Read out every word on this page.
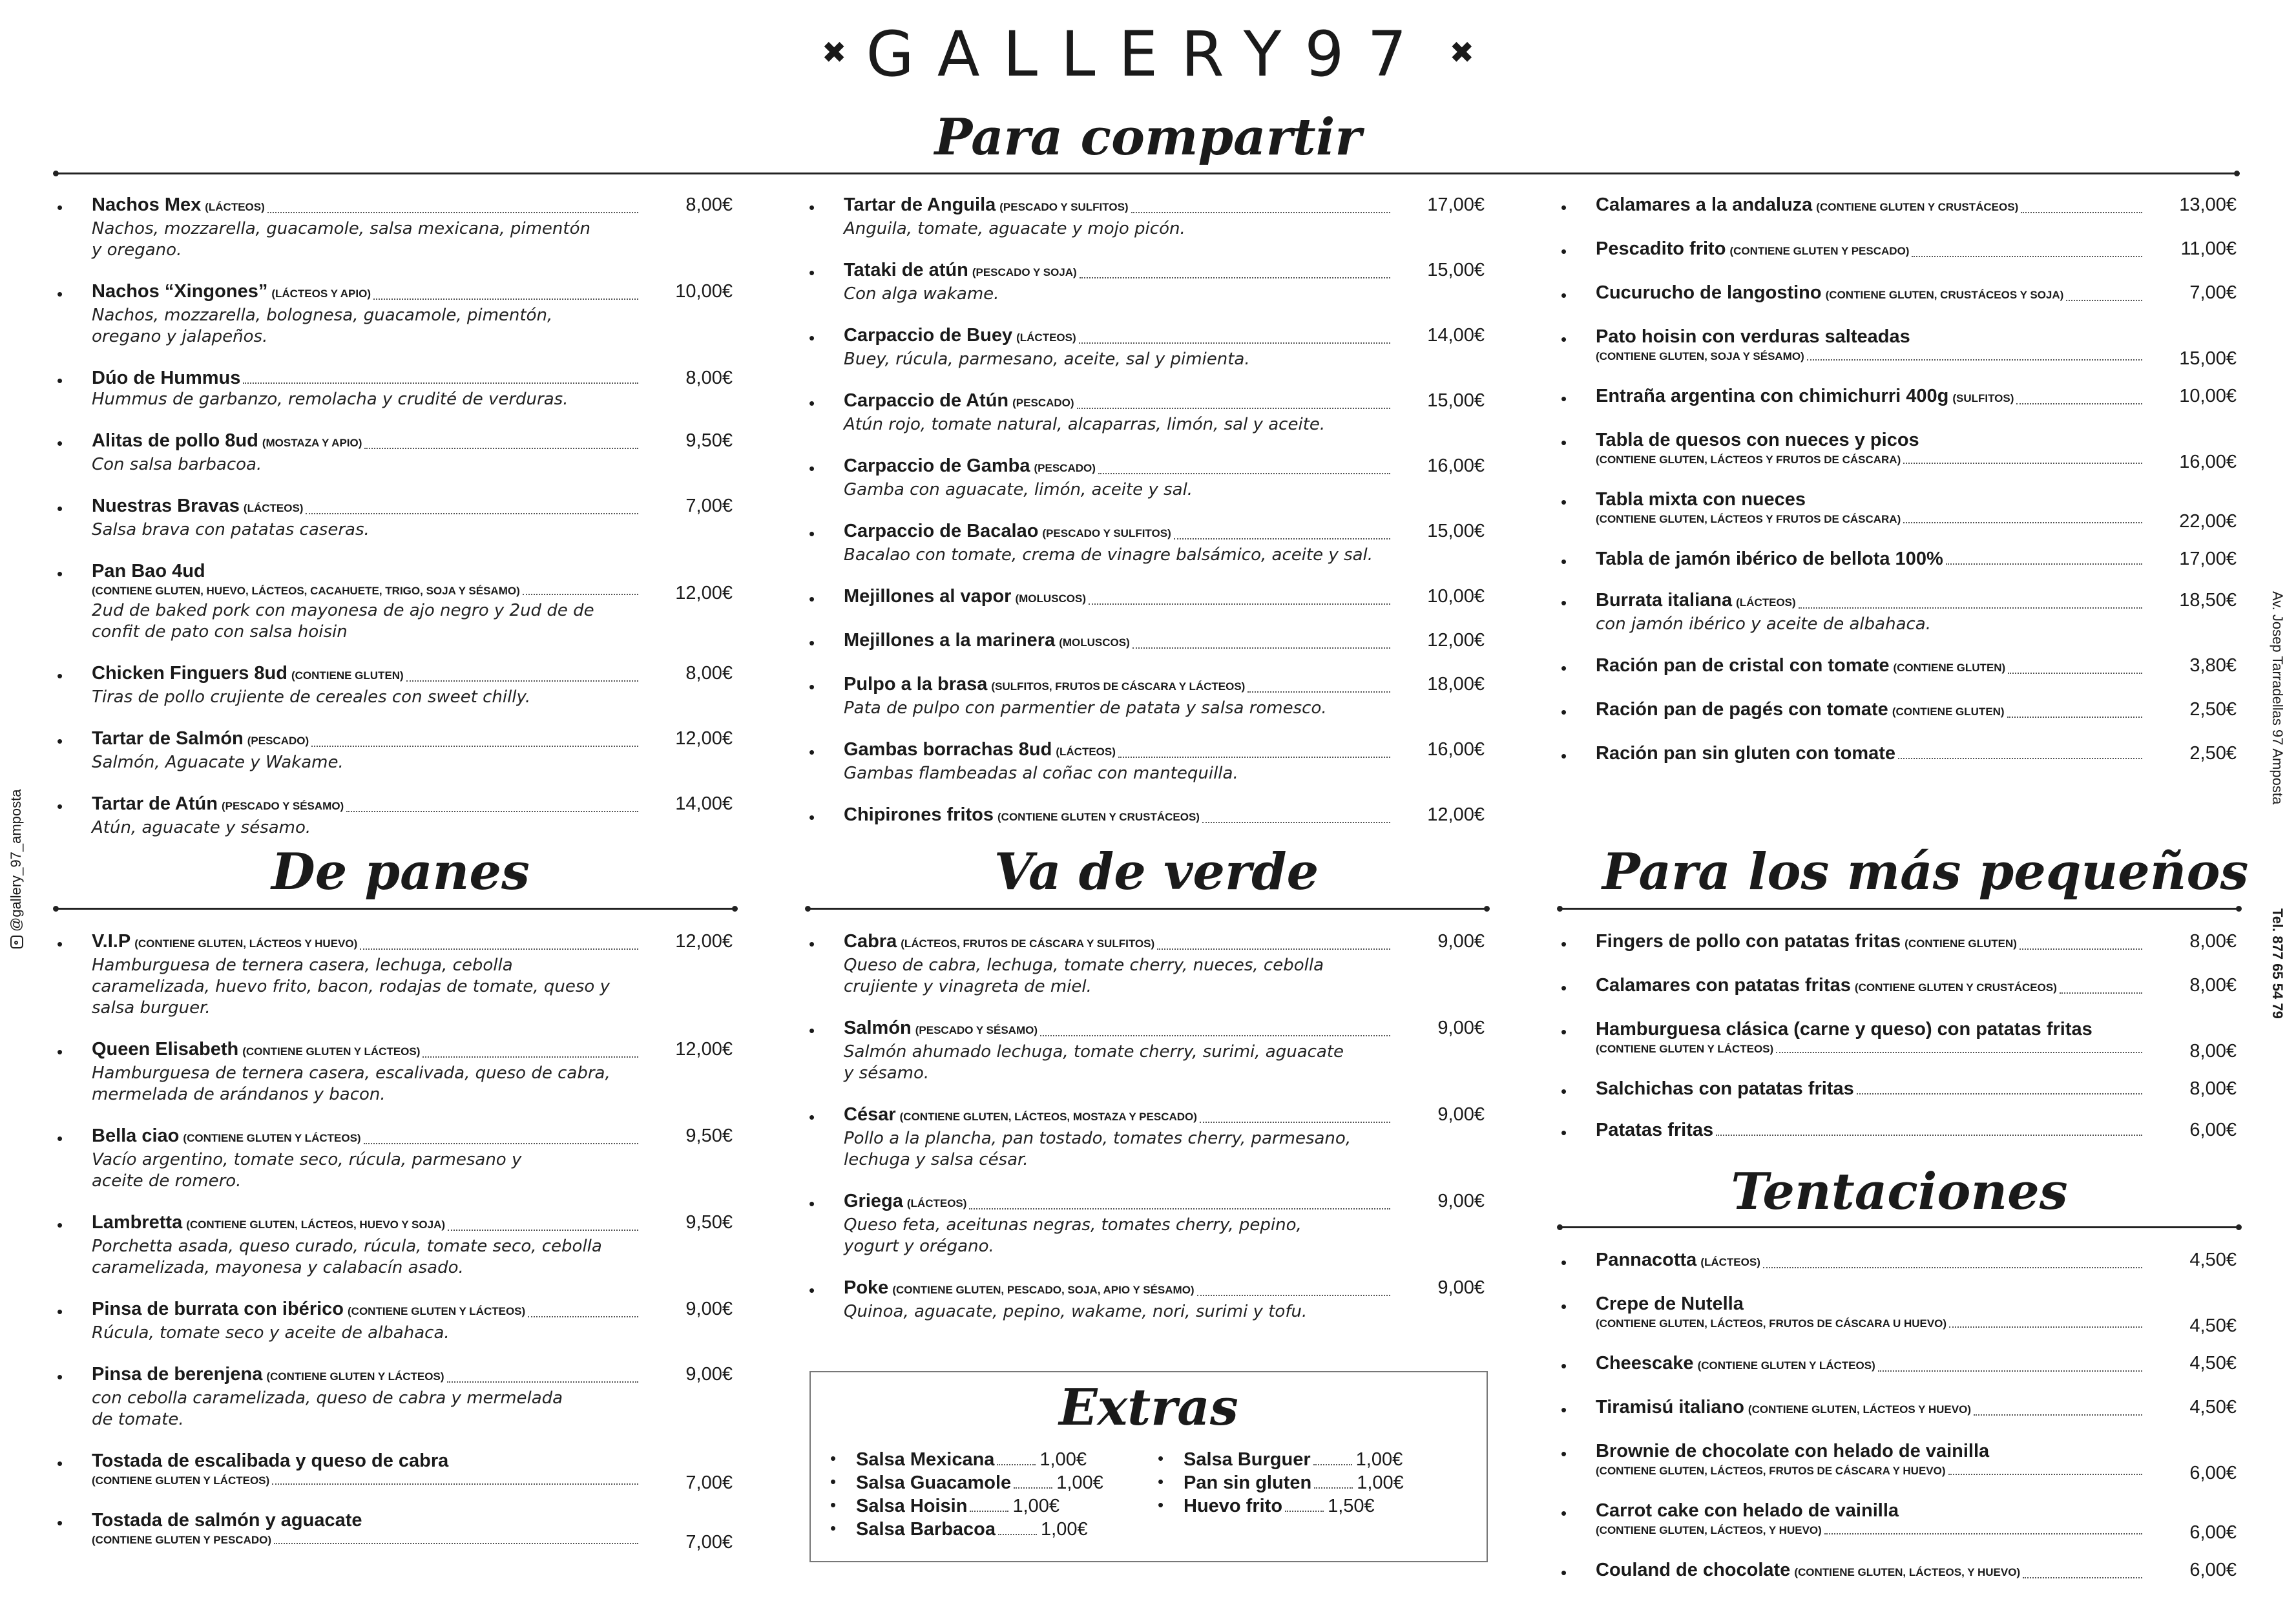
✖ GALLERY97 ✖
Para compartir
De panes	Va de verde	Para los más pequeños
Tentaciones
• Nachos Mex (LÁCTEOS)	8,00€
Nachos, mozzarella, guacamole, salsa mexicana, pimentón
y oregano.
• Nachos “Xingones” (LÁCTEOS Y APIO)	10,00€
Nachos, mozzarella, bolognesa, guacamole, pimentón,
oregano y jalapeños.
• Dúo de Hummus	8,00€
Hummus de garbanzo, remolacha y crudité de verduras.
• Alitas de pollo 8ud (MOSTAZA Y APIO)	9,50€
Con salsa barbacoa.
• Nuestras Bravas (LÁCTEOS)	7,00€
Salsa brava con patatas caseras.
• Pan Bao 4ud
(CONTIENE GLUTEN, HUEVO, LÁCTEOS, CACAHUETE, TRIGO, SOJA Y SÉSAMO)	12,00€
2ud de baked pork con mayonesa de ajo negro y 2ud de de
confit de pato con salsa hoisin
• Chicken Finguers 8ud (CONTIENE GLUTEN)	8,00€
Tiras de pollo crujiente de cereales con sweet chilly.
• Tartar de Salmón (PESCADO)	12,00€
Salmón, Aguacate y Wakame.
• Tartar de Atún (PESCADO Y SÉSAMO)	14,00€
Atún, aguacate y sésamo.
• Tartar de Anguila (PESCADO Y SULFITOS)	17,00€
Anguila, tomate, aguacate y mojo picón.
• Tataki de atún (PESCADO Y SOJA)	15,00€
Con alga wakame.
• Carpaccio de Buey (LÁCTEOS)	14,00€
Buey, rúcula, parmesano, aceite, sal y pimienta.
• Carpaccio de Atún (PESCADO)	15,00€
Atún rojo, tomate natural, alcaparras, limón, sal y aceite.
• Carpaccio de Gamba (PESCADO)	16,00€
Gamba con aguacate, limón, aceite y sal.
• Carpaccio de Bacalao (PESCADO Y SULFITOS)	15,00€
Bacalao con tomate, crema de vinagre balsámico, aceite y sal.
• Mejillones al vapor (MOLUSCOS)	10,00€
• Mejillones a la marinera (MOLUSCOS)	12,00€
• Pulpo a la brasa (SULFITOS, FRUTOS DE CÁSCARA Y LÁCTEOS)	18,00€
Pata de pulpo con parmentier de patata y salsa romesco.
• Gambas borrachas 8ud (LÁCTEOS)	16,00€
Gambas flambeadas al coñac con mantequilla.
• Chipirones fritos (CONTIENE GLUTEN Y CRUSTÁCEOS)	12,00€
• Calamares a la andaluza (CONTIENE GLUTEN Y CRUSTÁCEOS)	13,00€
• Pescadito frito (CONTIENE GLUTEN Y PESCADO)	11,00€
• Cucurucho de langostino (CONTIENE GLUTEN, CRUSTÁCEOS Y SOJA)	7,00€
• Pato hoisin con verduras salteadas
(CONTIENE GLUTEN, SOJA Y SÉSAMO)	15,00€
• Entraña argentina con chimichurri 400g (SULFITOS)	10,00€
• Tabla de quesos con nueces y picos
(CONTIENE GLUTEN, LÁCTEOS Y FRUTOS DE CÁSCARA)	16,00€
• Tabla mixta con nueces
(CONTIENE GLUTEN, LÁCTEOS Y FRUTOS DE CÁSCARA)	22,00€
• Tabla de jamón ibérico de bellota 100%	17,00€
• Burrata italiana (LÁCTEOS)	18,50€
con jamón ibérico y aceite de albahaca.
• Ración pan de cristal con tomate (CONTIENE GLUTEN)	3,80€
• Ración pan de pagés con tomate (CONTIENE GLUTEN)	2,50€
• Ración pan sin gluten con tomate	2,50€
• V.I.P (CONTIENE GLUTEN, LÁCTEOS Y HUEVO)	12,00€
Hamburguesa de ternera casera, lechuga, cebolla
caramelizada, huevo frito, bacon, rodajas de tomate, queso y
salsa burguer.
• Queen Elisabeth (CONTIENE GLUTEN Y LÁCTEOS)	12,00€
Hamburguesa de ternera casera, escalivada, queso de cabra,
mermelada de arándanos y bacon.
• Bella ciao (CONTIENE GLUTEN Y LÁCTEOS)	9,50€
Vacío argentino, tomate seco, rúcula, parmesano y
aceite de romero.
• Lambretta (CONTIENE GLUTEN, LÁCTEOS, HUEVO Y SOJA)	9,50€
Porchetta asada, queso curado, rúcula, tomate seco, cebolla
caramelizada, mayonesa y calabacín asado.
• Pinsa de burrata con ibérico (CONTIENE GLUTEN Y LÁCTEOS)	9,00€
Rúcula, tomate seco y aceite de albahaca.
• Pinsa de berenjena (CONTIENE GLUTEN Y LÁCTEOS)	9,00€
con cebolla caramelizada, queso de cabra y mermelada
de tomate.
• Tostada de escalibada y queso de cabra
(CONTIENE GLUTEN Y LÁCTEOS)	7,00€
• Tostada de salmón y aguacate
(CONTIENE GLUTEN Y PESCADO)	7,00€
• Cabra (LÁCTEOS, FRUTOS DE CÁSCARA Y SULFITOS)	9,00€
Queso de cabra, lechuga, tomate cherry, nueces, cebolla
crujiente y vinagreta de miel.
• Salmón (PESCADO Y SÉSAMO)	9,00€
Salmón ahumado lechuga, tomate cherry, surimi, aguacate
y sésamo.
• César (CONTIENE GLUTEN, LÁCTEOS, MOSTAZA Y PESCADO)	9,00€
Pollo a la plancha, pan tostado, tomates cherry, parmesano,
lechuga y salsa césar.
• Griega (LÁCTEOS)	9,00€
Queso feta, aceitunas negras, tomates cherry, pepino,
yogurt y orégano.
• Poke (CONTIENE GLUTEN, PESCADO, SOJA, APIO Y SÉSAMO)	9,00€
Quinoa, aguacate, pepino, wakame, nori, surimi y tofu.
• Fingers de pollo con patatas fritas (CONTIENE GLUTEN)	8,00€
• Calamares con patatas fritas (CONTIENE GLUTEN Y CRUSTÁCEOS)	8,00€
• Hamburguesa clásica (carne y queso) con patatas fritas
(CONTIENE GLUTEN Y LÁCTEOS)	8,00€
• Salchichas con patatas fritas	8,00€
• Patatas fritas	6,00€
• Pannacotta (LÁCTEOS)	4,50€
• Crepe de Nutella
(CONTIENE GLUTEN, LÁCTEOS, FRUTOS DE CÁSCARA U HUEVO)	4,50€
• Cheescake (CONTIENE GLUTEN Y LÁCTEOS)	4,50€
• Tiramisú italiano (CONTIENE GLUTEN, LÁCTEOS Y HUEVO)	4,50€
• Brownie de chocolate con helado de vainilla
(CONTIENE GLUTEN, LÁCTEOS, FRUTOS DE CÁSCARA Y HUEVO)	6,00€
• Carrot cake con helado de vainilla
(CONTIENE GLUTEN, LÁCTEOS, Y HUEVO)	6,00€
• Couland de chocolate (CONTIENE GLUTEN, LÁCTEOS, Y HUEVO)	6,00€
Extras
• Salsa Mexicana 1,00€
• Salsa Guacamole 1,00€
• Salsa Hoisin 1,00€
• Salsa Barbacoa 1,00€
• Salsa Burguer 1,00€
• Pan sin gluten 1,00€
• Huevo frito 1,50€
Av. Josep Tarradellas 97 Amposta
Tel. 877 65 54 79
@gallery_97_amposta
